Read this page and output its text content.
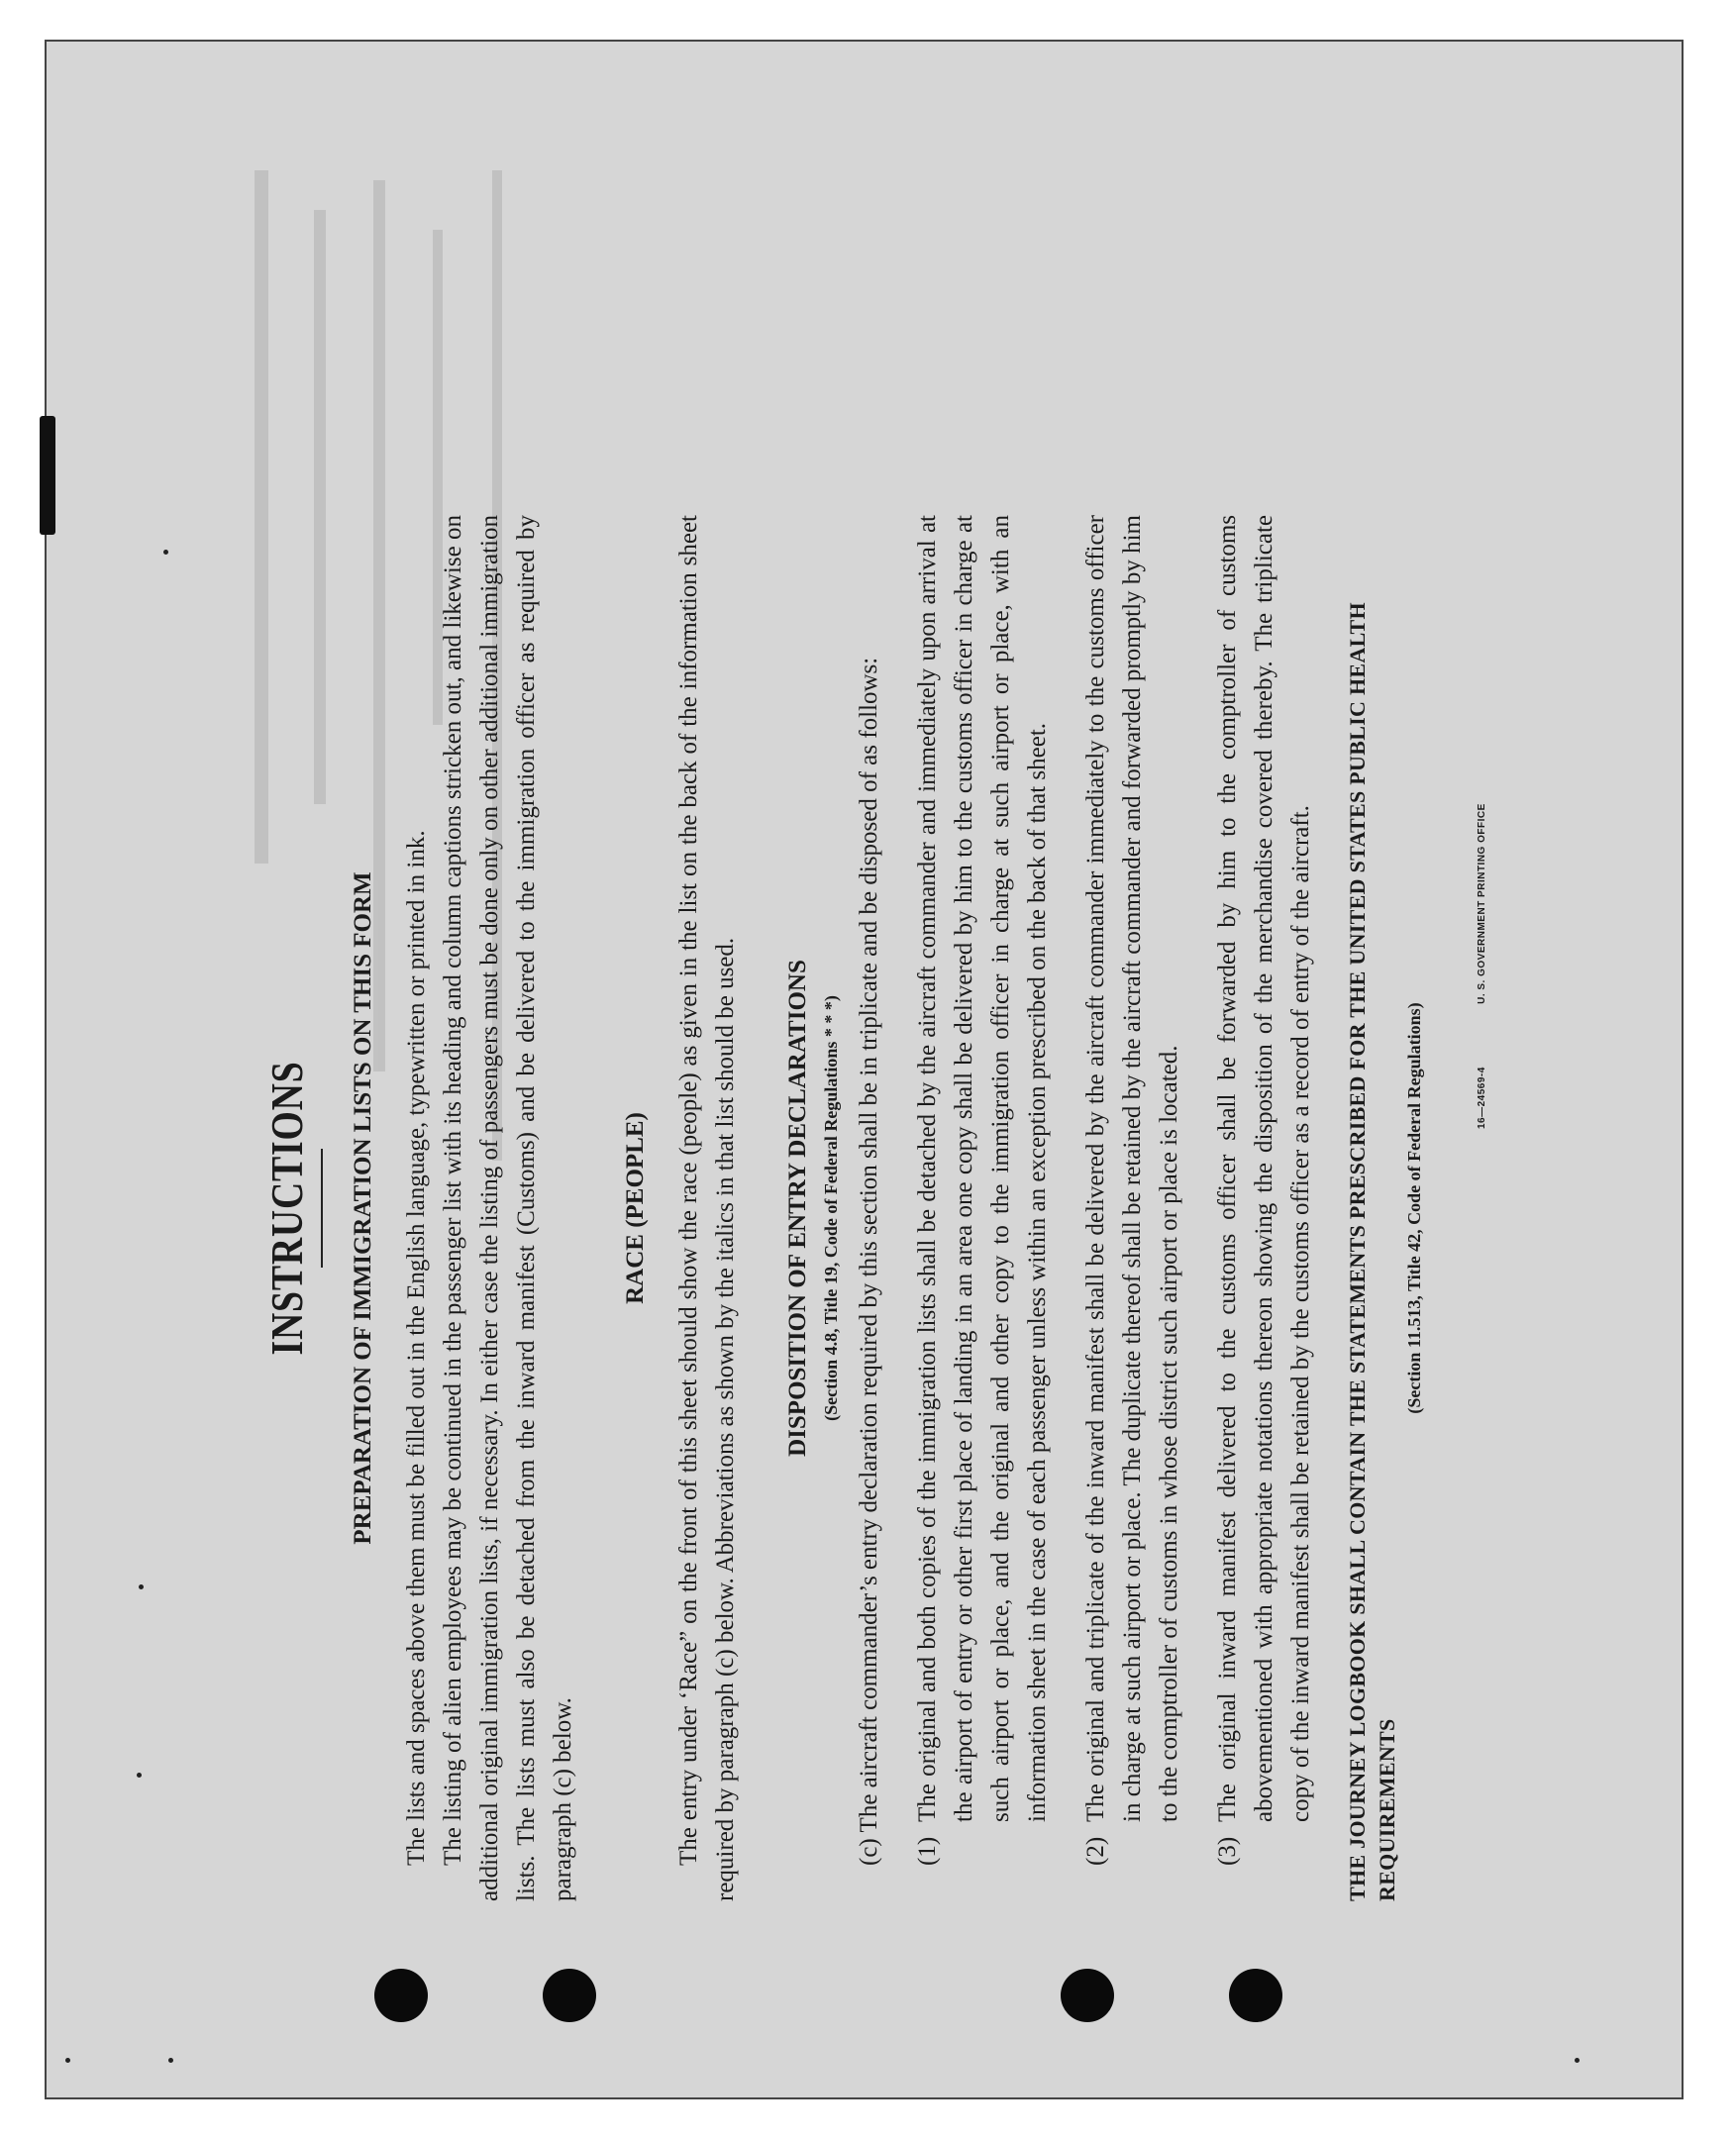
INSTRUCTIONS PREPARATION OF IMMIGRATION LISTS ON THIS FORM The lists and spaces above them must be filled out in the English language, typewritten or printed in ink. The listing of alien employees may be continued in the passenger list with its heading and column captions stricken out, and likewise on additional original immigration lists, if necessary. In either case the listing of passengers must be done only on other additional immigration lists. The lists must also be detached from the inward manifest (Customs) and be delivered to the immigration officer as required by paragraph (c) below.

RACE (PEOPLE) The entry under ‘Race” on the front of this sheet should show the race (people) as given in the list on the back of the information sheet required by paragraph (c) below. Abbreviations as shown by the italics in that list should be used. DISPOSITION OF ENTRY DECLARATIONS (Section 4.8, Title 19, Code of Federal Regulations * * *) (c) The aircraft commander’s entry declaration required by this section shall be in triplicate and be disposed of as follows: (1)
The original and both copies of the immigration lists shall be detached by the aircraft commander and immediately upon arrival at the airport of entry or other first place of landing in an area one copy shall be delivered by him to the customs officer in charge at such airport or place, and the original and other copy to the immigration officer in charge at such airport or place, with an information sheet in the case of each passenger unless within an exception prescribed on the back of that sheet.
(2)
The original and triplicate of the inward manifest shall be delivered by the aircraft commander immediately to the customs officer in charge at such airport or place. The duplicate thereof shall be retained by the aircraft commander and forwarded promptly by him to the comptroller of customs in whose district such airport or place is located.
(3)
The original inward manifest delivered to the customs officer shall be forwarded by him to the comptroller of customs abovementioned with appropriate notations thereon showing the disposition of the merchandise covered thereby. The triplicate copy of the inward manifest shall be retained by the customs officer as a record of entry of the aircraft. THE JOURNEY LOGBOOK SHALL CONTAIN THE STATEMENTS PRESCRIBED FOR THE UNITED STATES PUBLIC HEALTH REQUIREMENTS
(Section 11.513, Title 42, Code of Federal Regulations)	16—24569-4 U. S. GOVERNMENT PRINTING OFFICE
